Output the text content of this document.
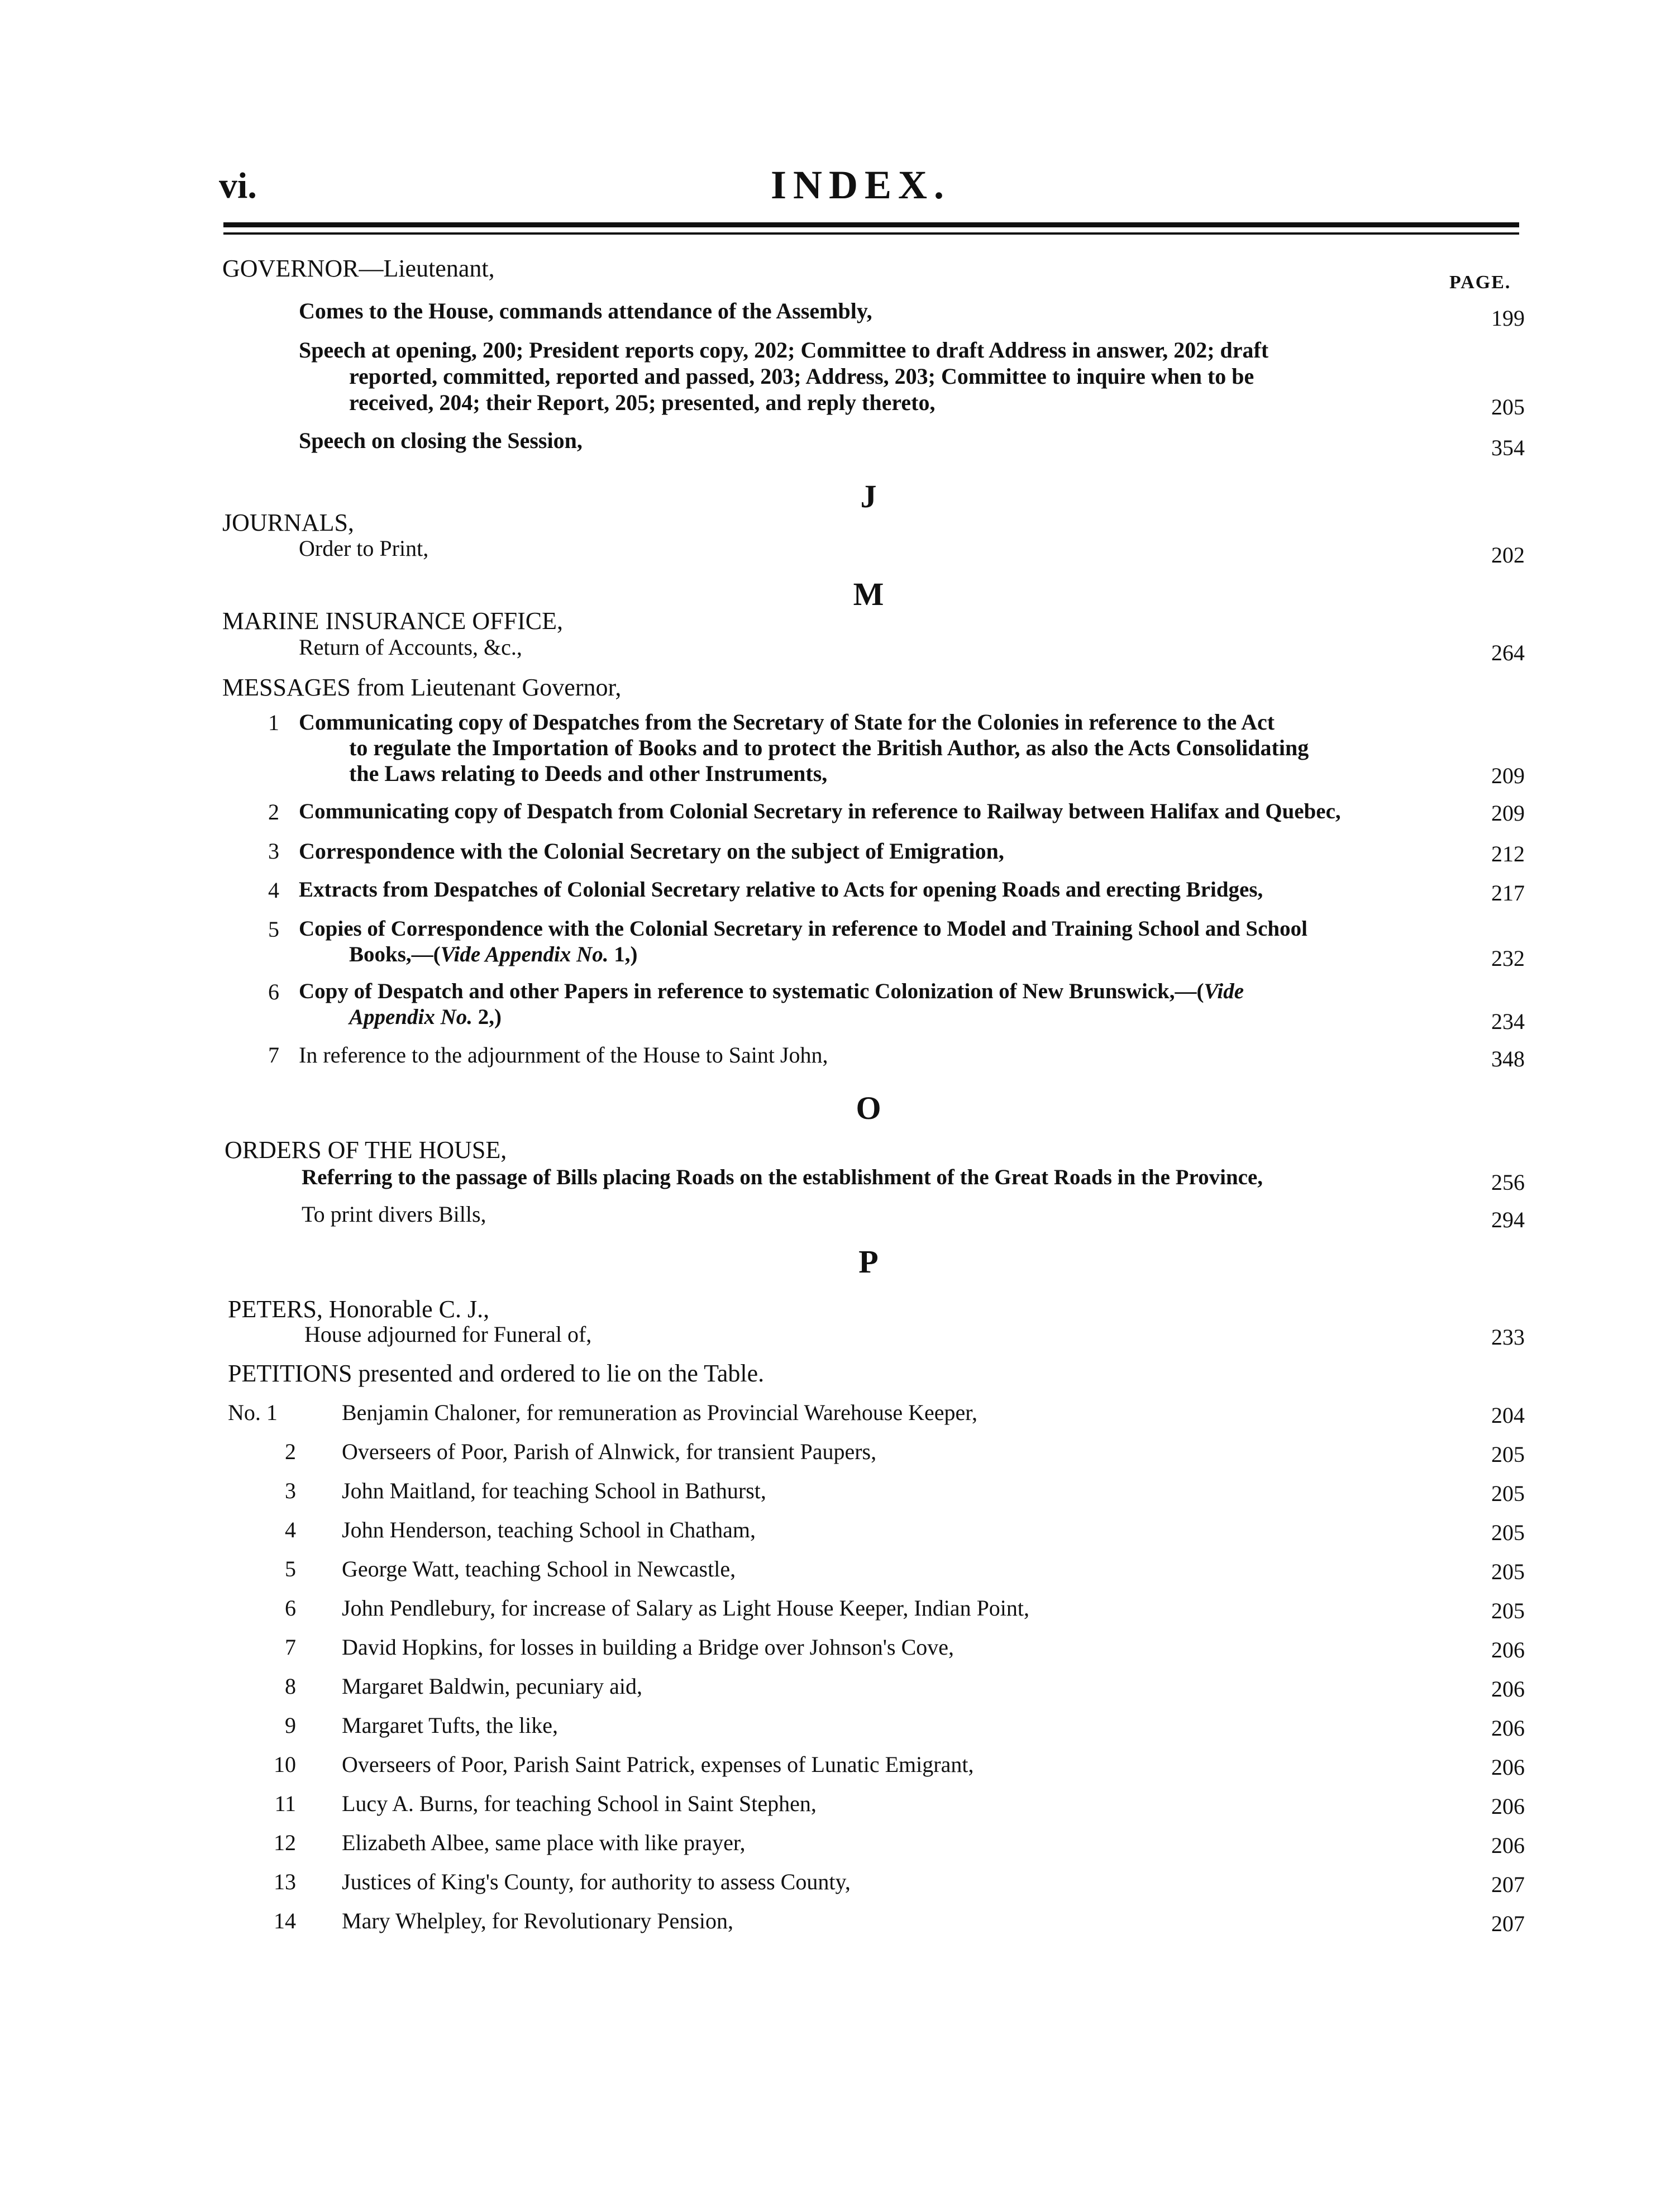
vi.	INDEX.
PAGE.
GOVERNOR—Lieutenant,
Comes to the House, commands attendance of the Assembly,	199
Speech at opening, 200; President reports copy, 202; Committee to draft Address in answer, 202; draft
reported, committed, reported and passed, 203; Address, 203; Committee to inquire when to be
received, 204; their Report, 205; presented, and reply thereto,	205
Speech on closing the Session,	354
J
JOURNALS,
Order to Print,	202
M
MARINE INSURANCE OFFICE,
Return of Accounts, &c.,	264
MESSAGES from Lieutenant Governor,
1 Communicating copy of Despatches from the Secretary of State for the Colonies in reference to the Act
to regulate the Importation of Books and to protect the British Author, as also the Acts Consolidating
the Laws relating to Deeds and other Instruments,	209
2 Communicating copy of Despatch from Colonial Secretary in reference to Railway between Halifax and Quebec,	209
3 Correspondence with the Colonial Secretary on the subject of Emigration,	212
4 Extracts from Despatches of Colonial Secretary relative to Acts for opening Roads and erecting Bridges,	217
5 Copies of Correspondence with the Colonial Secretary in reference to Model and Training School and School
Books,—(Vide Appendix No. 1,)	232
6 Copy of Despatch and other Papers in reference to systematic Colonization of New Brunswick,—(Vide
Appendix No. 2,)	234
7 In reference to the adjournment of the House to Saint John,	348
O
ORDERS OF THE HOUSE,
Referring to the passage of Bills placing Roads on the establishment of the Great Roads in the Province,	256
To print divers Bills,	294
P
PETERS, Honorable C. J.,
House adjourned for Funeral of,	233
PETITIONS presented and ordered to lie on the Table.
No. 1	Benjamin Chaloner, for remuneration as Provincial Warehouse Keeper,	204
2 Overseers of Poor, Parish of Alnwick, for transient Paupers,	205
3 John Maitland, for teaching School in Bathurst,	205
4 John Henderson, teaching School in Chatham,	205
5 George Watt, teaching School in Newcastle,	205
6 John Pendlebury, for increase of Salary as Light House Keeper, Indian Point,	205
7 David Hopkins, for losses in building a Bridge over Johnson's Cove,	206
8 Margaret Baldwin, pecuniary aid,	206
9 Margaret Tufts, the like,	206
10 Overseers of Poor, Parish Saint Patrick, expenses of Lunatic Emigrant,	206
11 Lucy A. Burns, for teaching School in Saint Stephen,	206
12 Elizabeth Albee, same place with like prayer,	206
13 Justices of King's County, for authority to assess County,	207
14 Mary Whelpley, for Revolutionary Pension,	207
